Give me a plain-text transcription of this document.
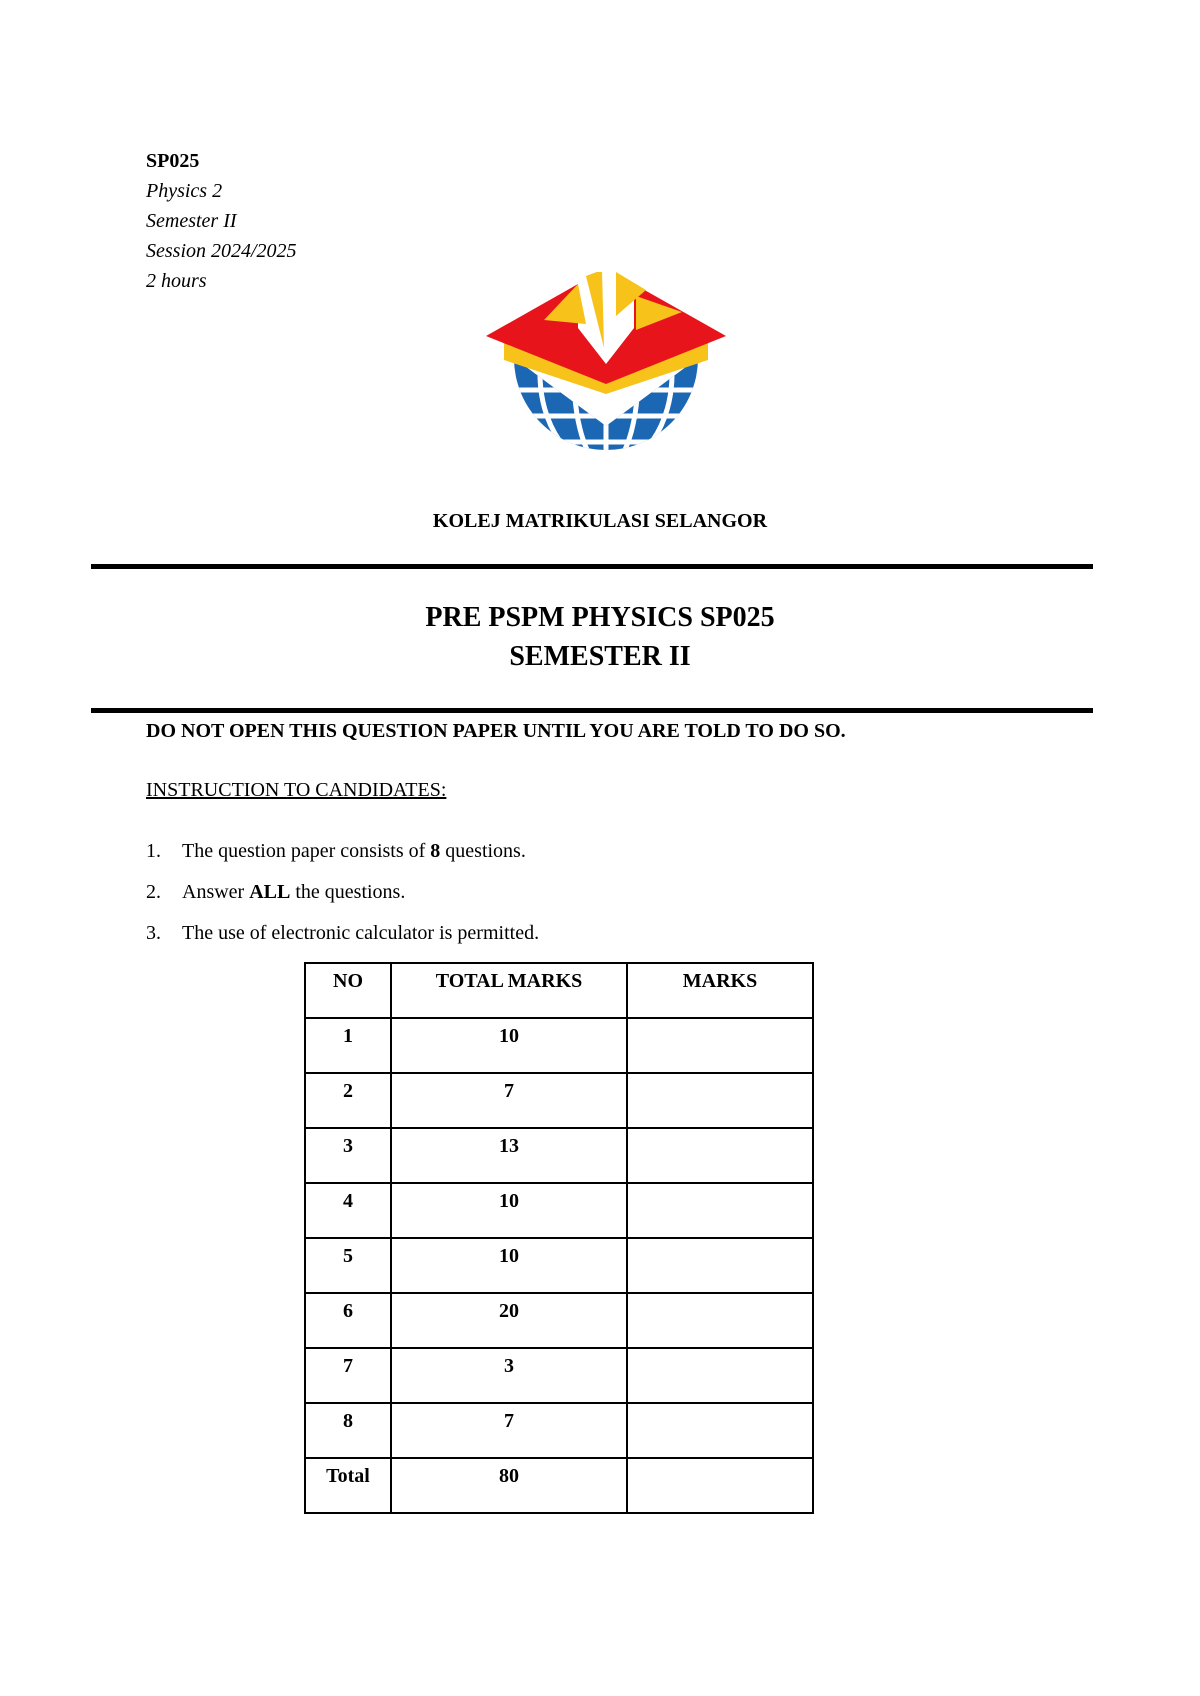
SP025
Physics 2
Semester II
Session 2024/2025
2 hours
KOLEJ MATRIKULASI SELANGOR
PRE PSPM PHYSICS SP025
SEMESTER II
DO NOT OPEN THIS QUESTION PAPER UNTIL YOU ARE TOLD TO DO SO.
INSTRUCTION TO CANDIDATES:
1. The question paper consists of 8 questions.
2. Answer ALL the questions.
3. The use of electronic calculator is permitted.
NO	TOTAL MARKS	MARKS
1	10	
2	7	
3	13	
4	10	
5	10	
6	20	
7	3	
8	7	
Total	80	
